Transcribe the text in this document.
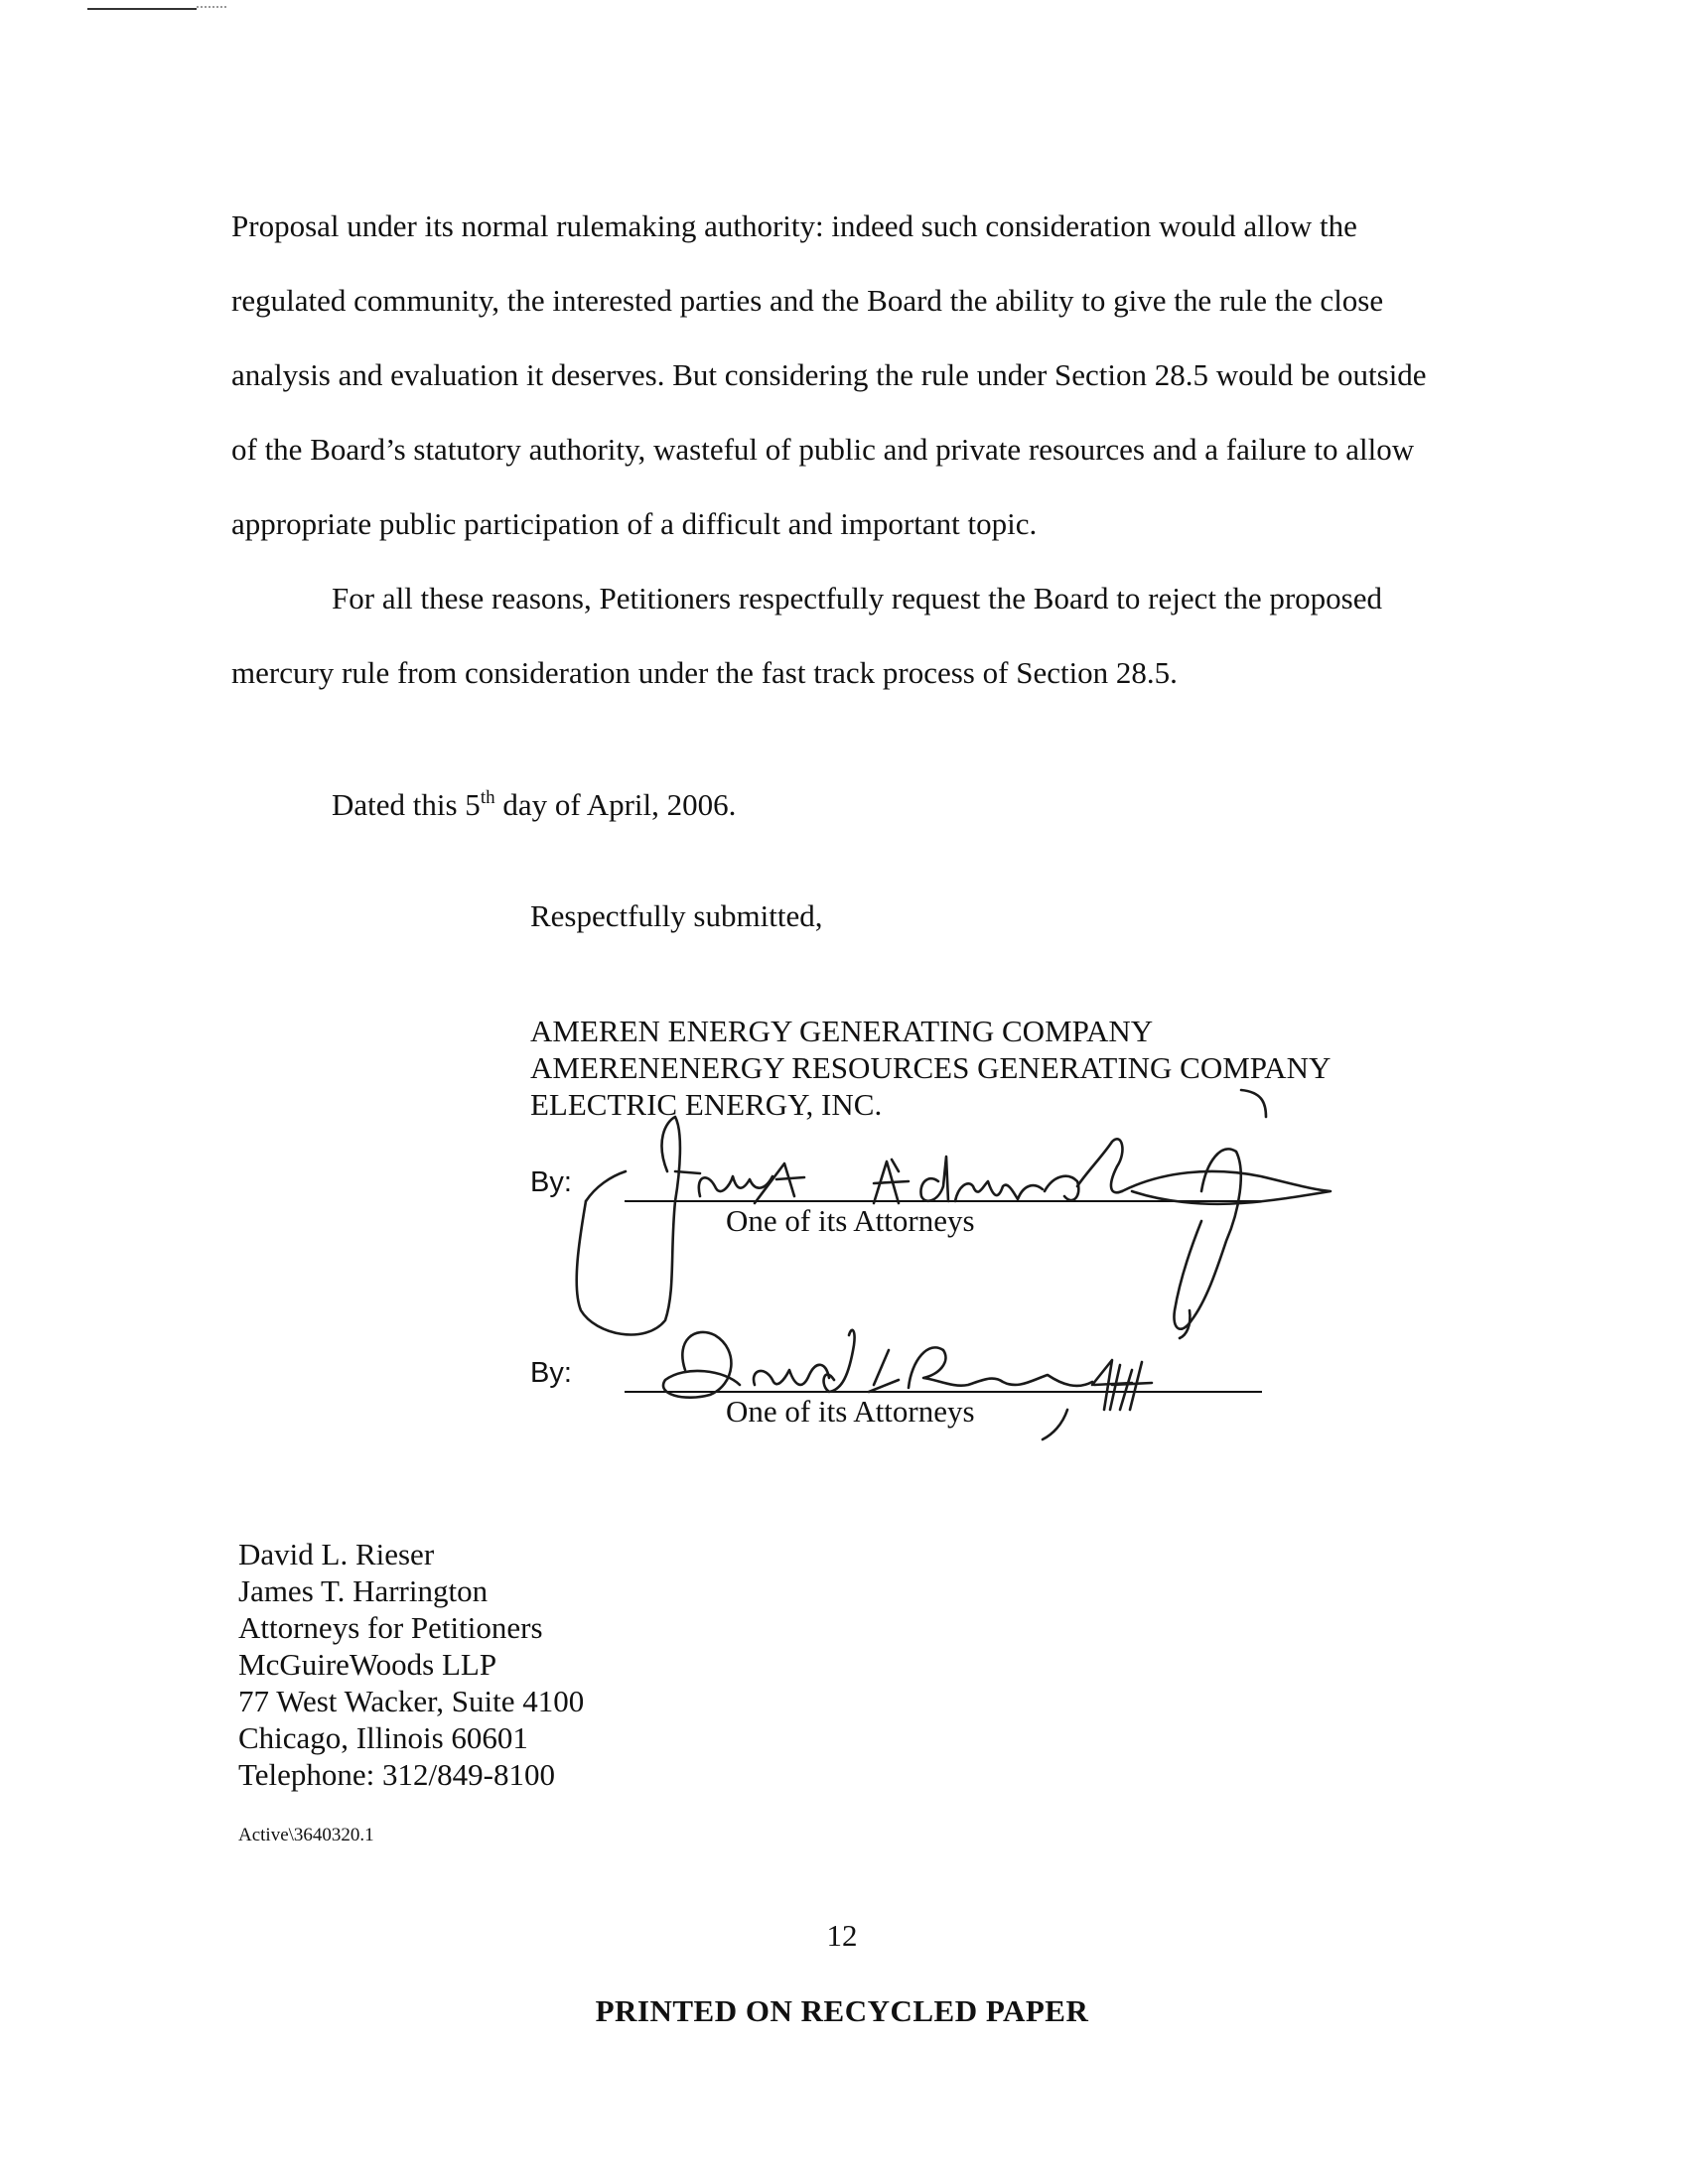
Proposal under its normal rulemaking authority: indeed such consideration would allow the regulated community, the interested parties and the Board the ability to give the rule the close analysis and evaluation it deserves. But considering the rule under Section 28.5 would be outside of the Board’s statutory authority, wasteful of public and private resources and a failure to allow appropriate public participation of a difficult and important topic.

For all these reasons, Petitioners respectfully request the Board to reject the proposed mercury rule from consideration under the fast track process of Section 28.5.

Dated this 5th day of April, 2006.
Respectfully submitted,
AMEREN ENERGY GENERATING COMPANY
AMERENENERGY RESOURCES GENERATING COMPANY
ELECTRIC ENERGY, INC.
By:
One of its Attorneys
By:
One of its Attorneys
David L. Rieser
James T. Harrington
Attorneys for Petitioners
McGuireWoods LLP
77 West Wacker, Suite 4100
Chicago, Illinois 60601
Telephone: 312/849-8100
Active\3640320.1
12
PRINTED ON RECYCLED PAPER
